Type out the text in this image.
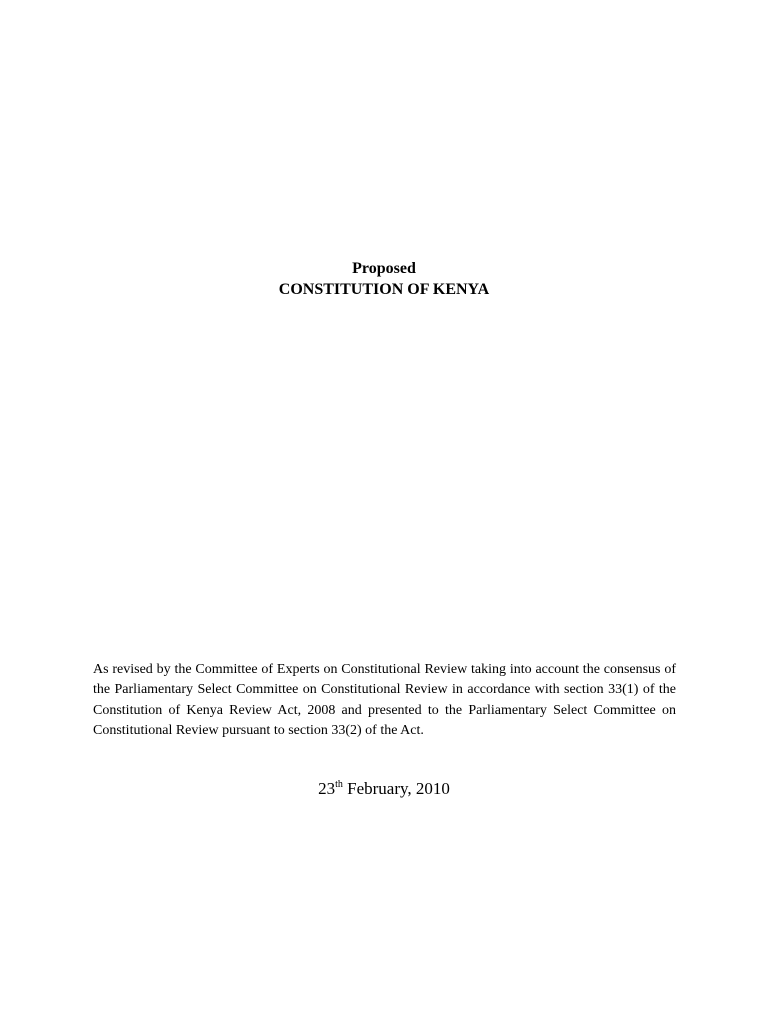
Proposed
CONSTITUTION OF KENYA

As revised by the Committee of Experts on Constitutional Review taking into account the consensus of the Parliamentary Select Committee on Constitutional Review in accordance with section 33(1) of the Constitution of Kenya Review Act, 2008 and presented to the Parliamentary Select Committee on Constitutional Review pursuant to section 33(2) of the Act.

23th February, 2010
